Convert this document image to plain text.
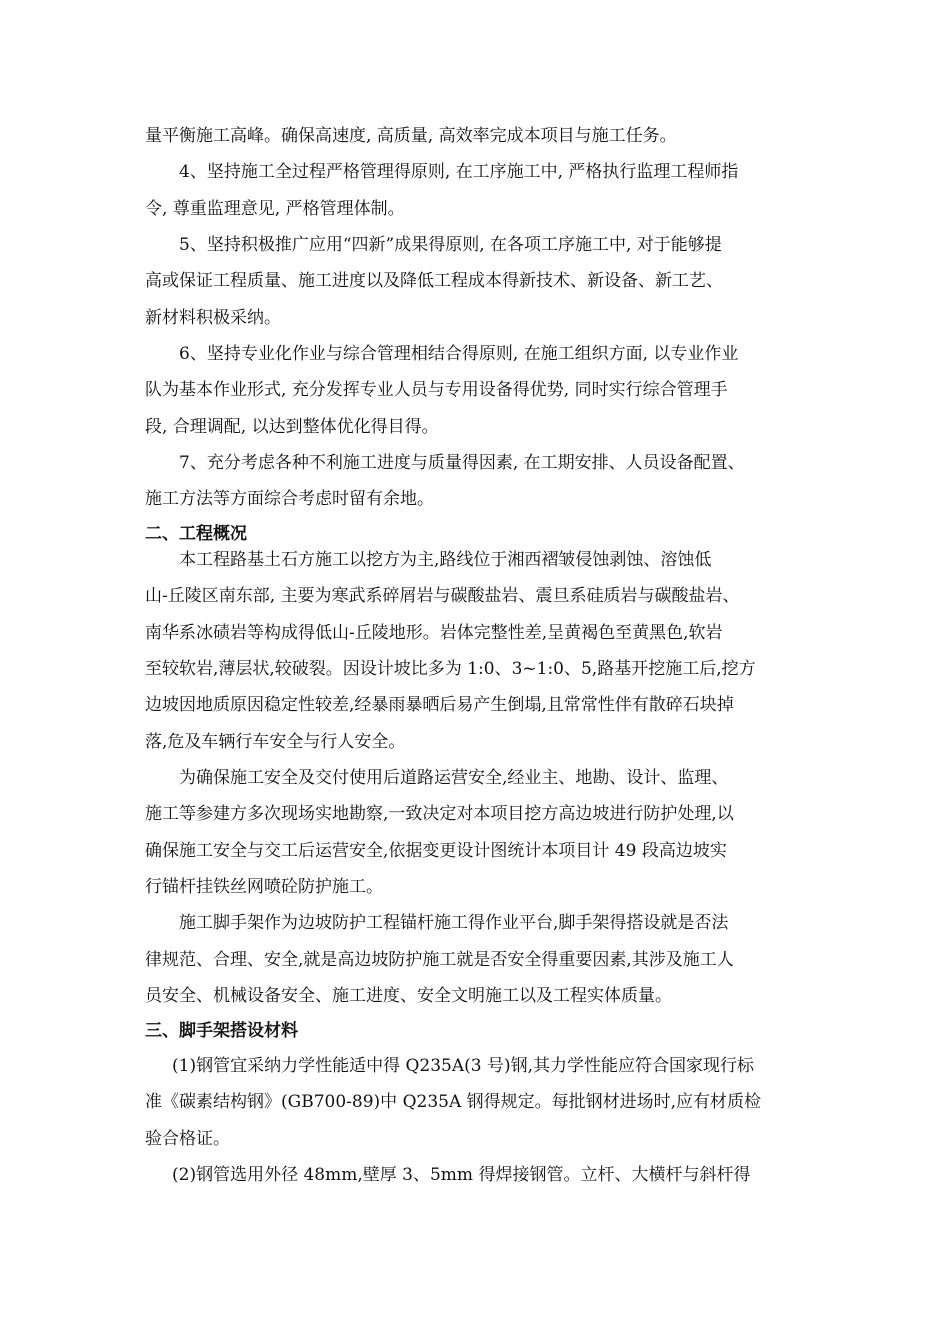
量平衡施工高峰。确保高速度, 高质量, 高效率完成本项目与施工任务。
4、坚持施工全过程严格管理得原则, 在工序施工中, 严格执行监理工程师指
令, 尊重监理意见, 严格管理体制。
5、坚持积极推广应用“四新”成果得原则, 在各项工序施工中, 对于能够提
高或保证工程质量、施工进度以及降低工程成本得新技术、新设备、新工艺、
新材料积极采纳。
6、坚持专业化作业与综合管理相结合得原则, 在施工组织方面, 以专业作业
队为基本作业形式, 充分发挥专业人员与专用设备得优势, 同时实行综合管理手
段, 合理调配, 以达到整体优化得目得。
7、充分考虑各种不利施工进度与质量得因素, 在工期安排、人员设备配置、
施工方法等方面综合考虑时留有余地。
二、工程概况
本工程路基土石方施工以挖方为主,路线位于湘西褶皱侵蚀剥蚀、溶蚀低
山-丘陵区南东部, 主要为寒武系碎屑岩与碳酸盐岩、震旦系硅质岩与碳酸盐岩、
南华系冰碛岩等构成得低山-丘陵地形。岩体完整性差,呈黄褐色至黄黑色,软岩
至较软岩,薄层状,较破裂。因设计坡比多为 1:0、3~1:0、5,路基开挖施工后,挖方
边坡因地质原因稳定性较差,经暴雨暴晒后易产生倒塌,且常常性伴有散碎石块掉
落,危及车辆行车安全与行人安全。
为确保施工安全及交付使用后道路运营安全,经业主、地勘、设计、监理、
施工等参建方多次现场实地勘察,一致决定对本项目挖方高边坡进行防护处理,以
确保施工安全与交工后运营安全,依据变更设计图统计本项目计 49 段高边坡实
行锚杆挂铁丝网喷砼防护施工。
施工脚手架作为边坡防护工程锚杆施工得作业平台,脚手架得搭设就是否法
律规范、合理、安全,就是高边坡防护施工就是否安全得重要因素,其涉及施工人
员安全、机械设备安全、施工进度、安全文明施工以及工程实体质量。
三、脚手架搭设材料
(1)钢管宜采纳力学性能适中得 Q235A(3 号)钢,其力学性能应符合国家现行标
准《碳素结构钢》(GB700-89)中 Q235A 钢得规定。每批钢材进场时,应有材质检
验合格证。
(2)钢管选用外径 48mm,壁厚 3、5mm 得焊接钢管。立杆、大横杆与斜杆得
